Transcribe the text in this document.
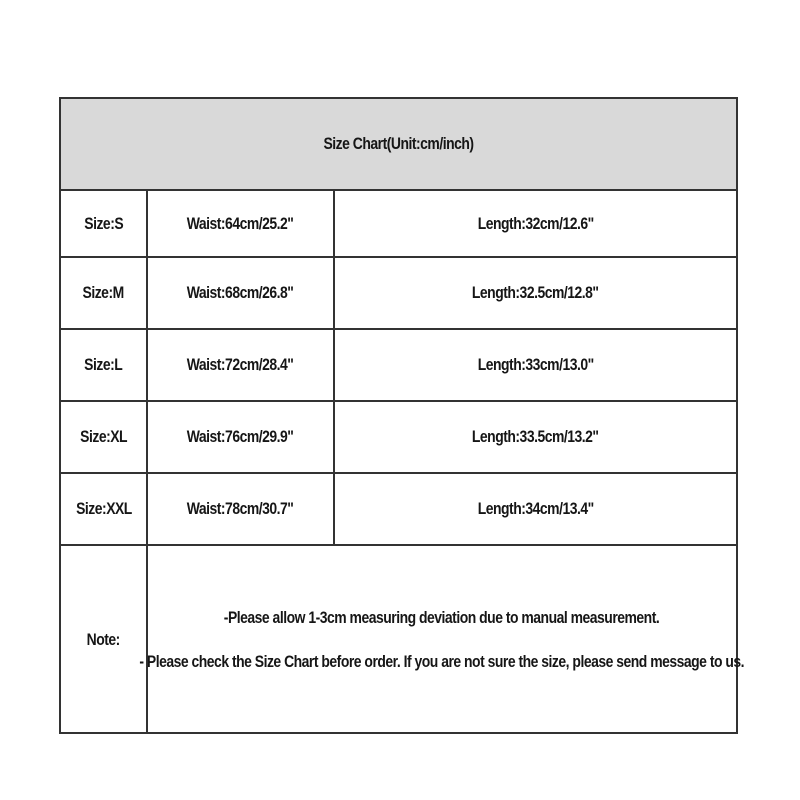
Size Chart(Unit:cm/inch)
Size:S	Waist:64cm/25.2"	Length:32cm/12.6"
Size:M	Waist:68cm/26.8"	Length:32.5cm/12.8"
Size:L	Waist:72cm/28.4"	Length:33cm/13.0"
Size:XL	Waist:76cm/29.9"	Length:33.5cm/13.2"
Size:XXL	Waist:78cm/30.7"	Length:34cm/13.4"
Note:
-Please allow 1-3cm measuring deviation due to manual measurement.
- Please check the Size Chart before order. If you are not sure the size, please send message to us.
